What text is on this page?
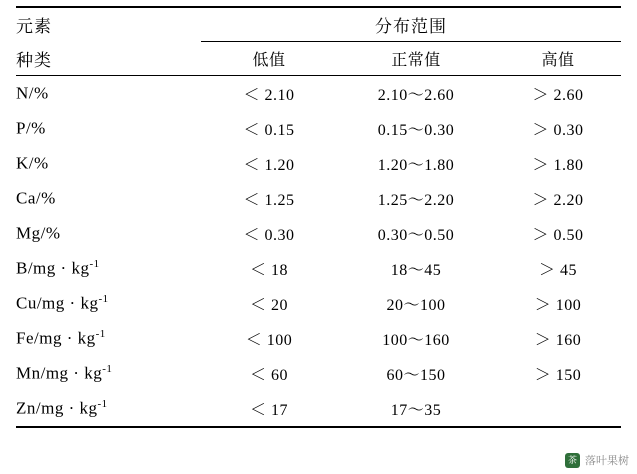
元素	分布范围		
种类	低值	正常值	高值
N/%	＜ 2.10	2.10～2.60	＞ 2.60
P/%	＜ 0.15	0.15～0.30	＞ 0.30
K/%	＜ 1.20	1.20～1.80	＞ 1.80
Ca/%	＜ 1.25	1.25～2.20	＞ 2.20
Mg/%	＜ 0.30	0.30～0.50	＞ 0.50
$B/mg \cdot kg^{-1}$	＜ 18	18～45	＞ 45
$Cu/mg \cdot kg^{-1}$	＜ 20	20～100	＞ 100
$Fe/mg \cdot kg^{-1}$	＜ 100	100～160	＞ 160
$Mn/mg \cdot kg^{-1}$	＜ 60	60～150	＞ 150
$Zn/mg \cdot kg^{-1}$	＜ 17	17～35	
茶 落叶果树
